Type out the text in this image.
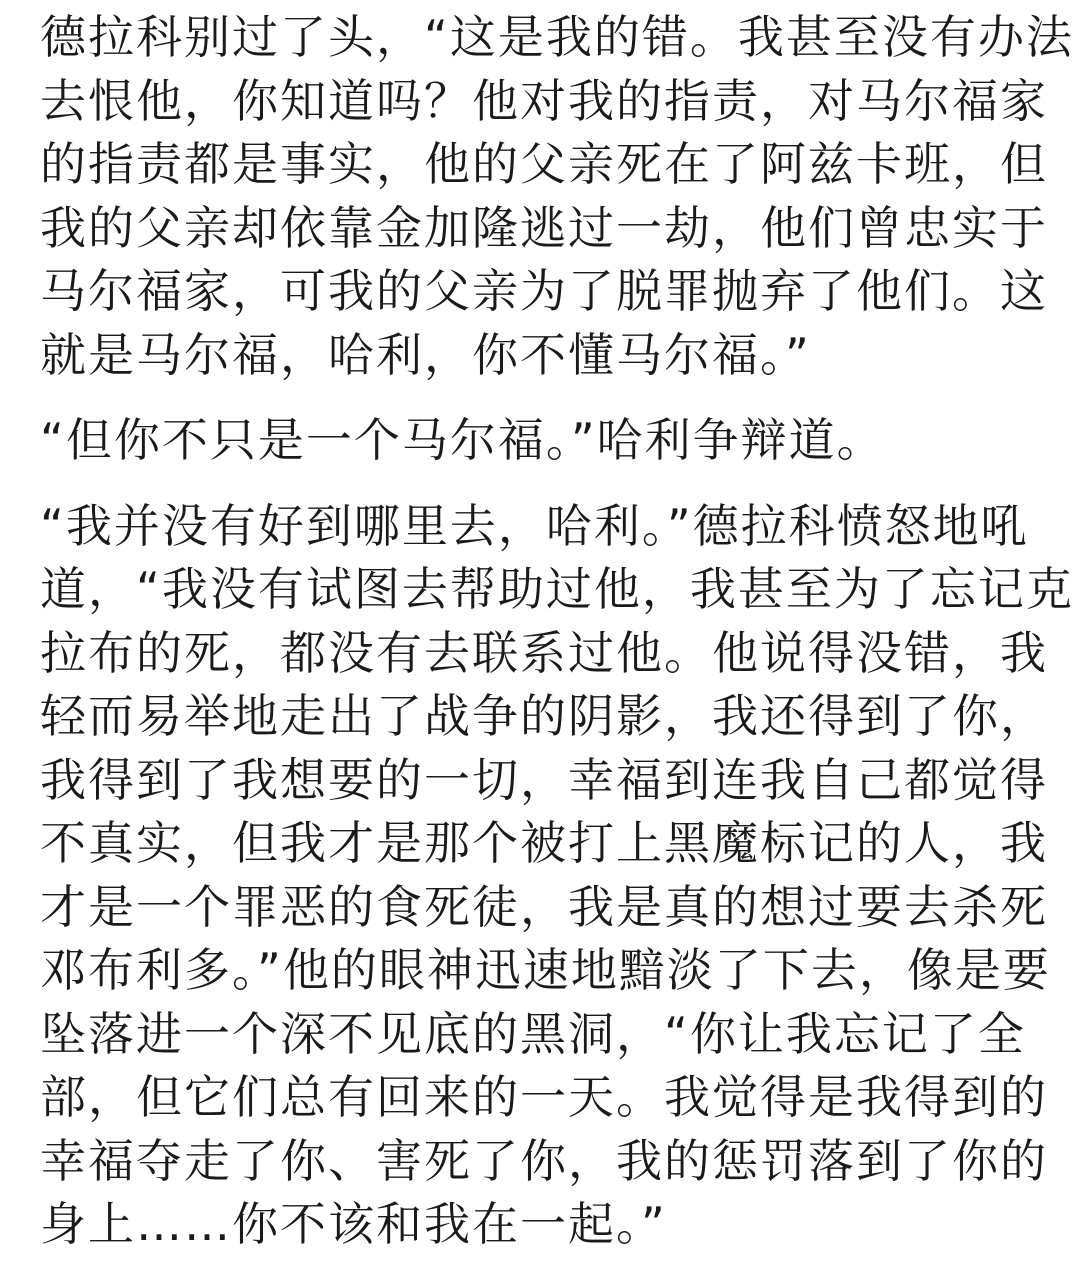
德拉科别过了头，“这是我的错。我甚至没有办法
去恨他，你知道吗？他对我的指责，对马尔福家
的指责都是事实，他的父亲死在了阿兹卡班，但
我的父亲却依靠金加隆逃过一劫，他们曾忠实于
马尔福家，可我的父亲为了脱罪抛弃了他们。这
就是马尔福，哈利，你不懂马尔福。”
“但你不只是一个马尔福。”哈利争辩道。
“我并没有好到哪里去，哈利。”德拉科愤怒地吼
道，“我没有试图去帮助过他，我甚至为了忘记克
拉布的死，都没有去联系过他。他说得没错，我
轻而易举地走出了战争的阴影，我还得到了你，
我得到了我想要的一切，幸福到连我自己都觉得
不真实，但我才是那个被打上黑魔标记的人，我
才是一个罪恶的食死徒，我是真的想过要去杀死
邓布利多。”他的眼神迅速地黯淡了下去，像是要
坠落进一个深不见底的黑洞，“你让我忘记了全
部，但它们总有回来的一天。我觉得是我得到的
幸福夺走了你、害死了你，我的惩罚落到了你的
身上……你不该和我在一起。”
